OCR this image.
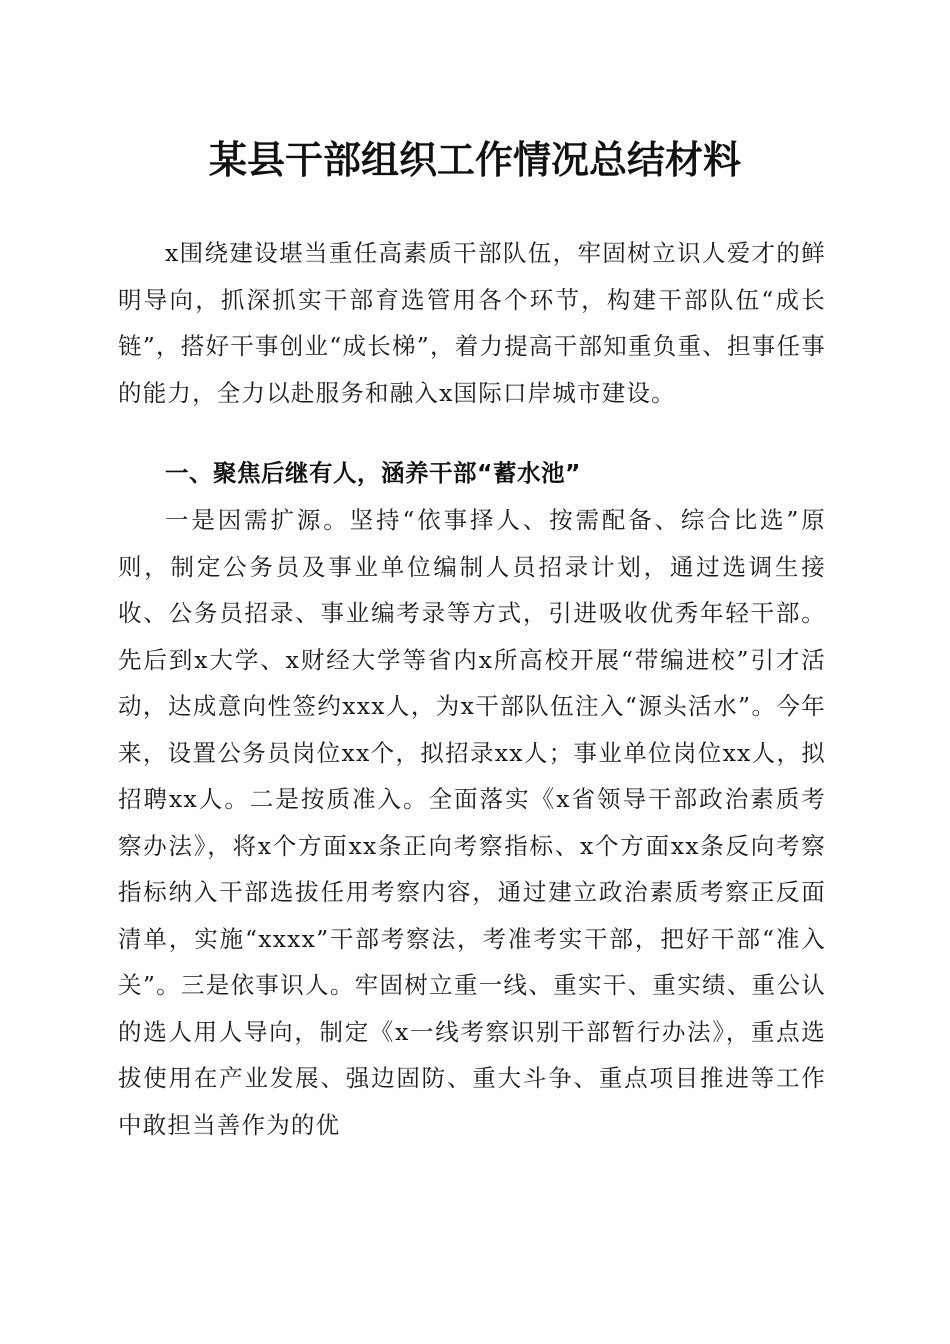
某县干部组织工作情况总结材料

x围绕建设堪当重任高素质干部队伍，牢固树立识人爱才的鲜明导向，抓深抓实干部育选管用各个环节，构建干部队伍“成长链”，搭好干事创业“成长梯”，着力提高干部知重负重、担事任事的能力，全力以赴服务和融入x国际口岸城市建设。

一、聚焦后继有人，涵养干部“蓄水池”

一是因需扩源。坚持“依事择人、按需配备、综合比选”原则，制定公务员及事业单位编制人员招录计划，通过选调生接收、公务员招录、事业编考录等方式，引进吸收优秀年轻干部。先后到x大学、x财经大学等省内x所高校开展“带编进校”引才活动，达成意向性签约xxx人，为x干部队伍注入“源头活水”。今年来，设置公务员岗位xx个，拟招录xx人；事业单位岗位xx人，拟招聘xx人。二是按质准入。全面落实《x省领导干部政治素质考察办法》，将x个方面xx条正向考察指标、x个方面xx条反向考察指标纳入干部选拔任用考察内容，通过建立政治素质考察正反面清单，实施“xxxx”干部考察法，考准考实干部，把好干部“准入关”。三是依事识人。牢固树立重一线、重实干、重实绩、重公认的选人用人导向，制定《x一线考察识别干部暂行办法》，重点选拔使用在产业发展、强边固防、重大斗争、重点项目推进等工作中敢担当善作为的优
